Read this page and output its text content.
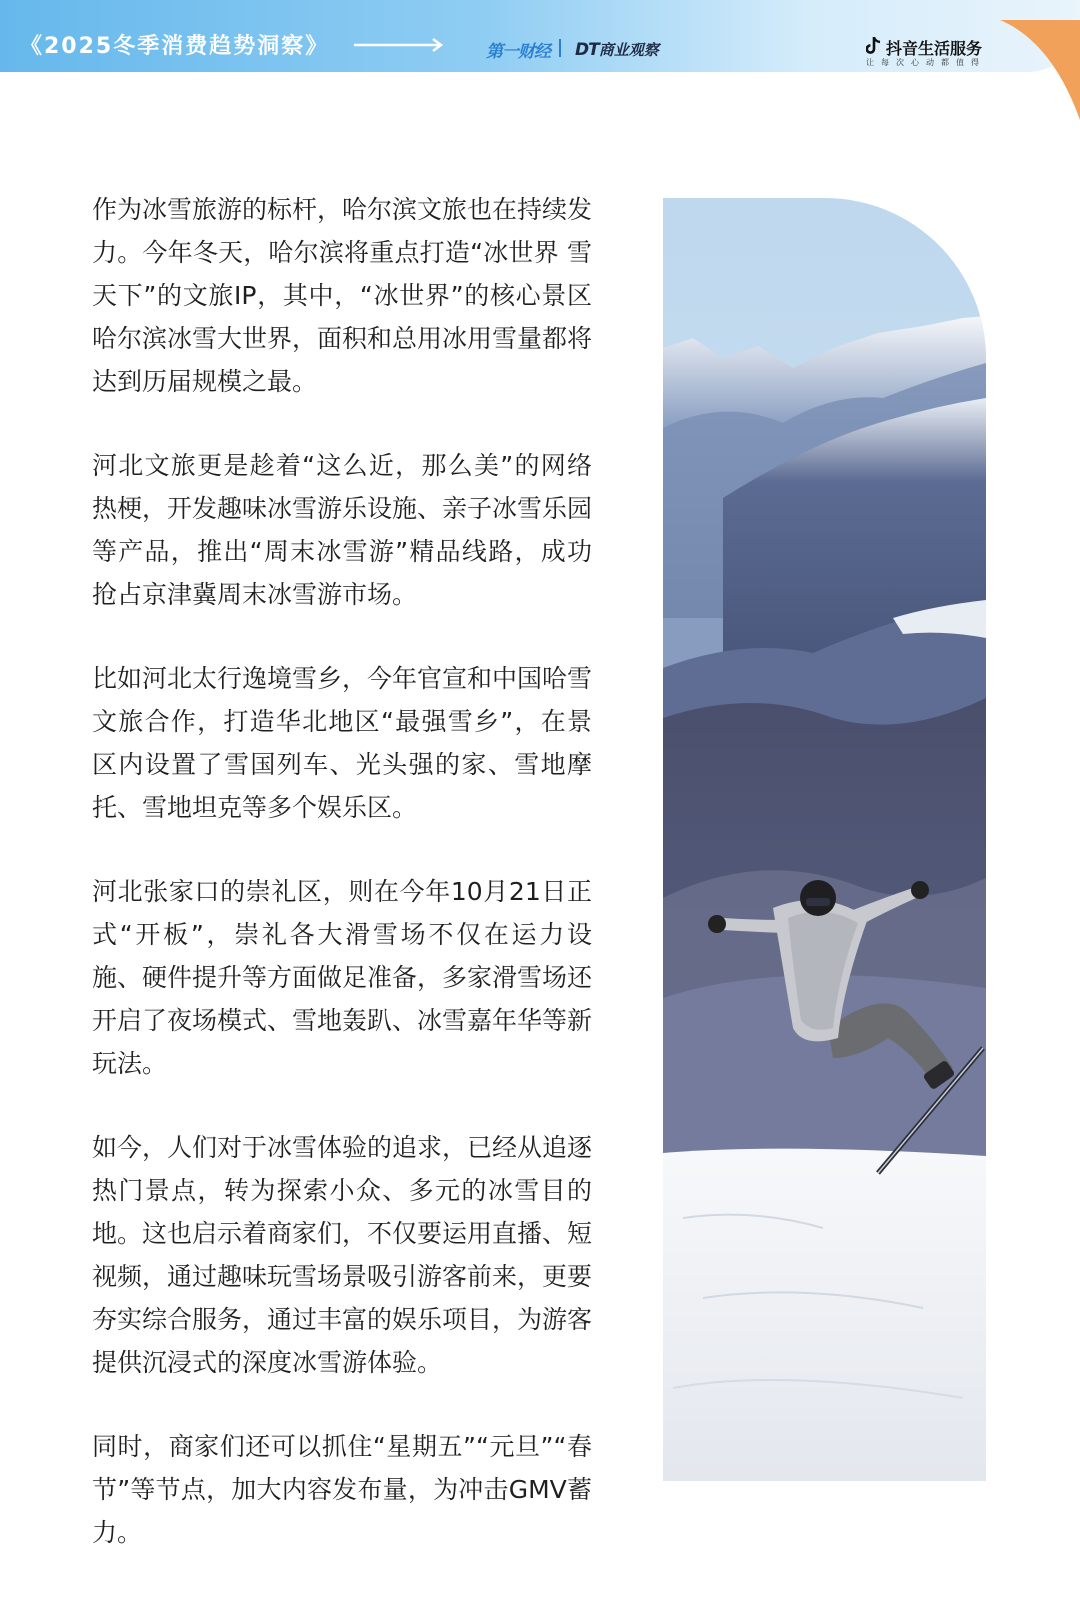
《2025冬季消费趋势洞察》	第一财经 DT商业观察	抖音生活服务
让每次心动都值得

作为冰雪旅游的标杆，哈尔滨文旅也在持续发力。今年冬天，哈尔滨将重点打造“冰世界 雪天下”的文旅IP，其中，“冰世界”的核心景区哈尔滨冰雪大世界，面积和总用冰用雪量都将达到历届规模之最。

河北文旅更是趁着“这么近，那么美”的网络热梗，开发趣味冰雪游乐设施、亲子冰雪乐园等产品，推出“周末冰雪游”精品线路，成功抢占京津冀周末冰雪游市场。

比如河北太行逸境雪乡，今年官宣和中国哈雪文旅合作，打造华北地区“最强雪乡”，在景区内设置了雪国列车、光头强的家、雪地摩托、雪地坦克等多个娱乐区。

河北张家口的崇礼区，则在今年10月21日正式“开板”，崇礼各大滑雪场不仅在运力设施、硬件提升等方面做足准备，多家滑雪场还开启了夜场模式、雪地轰趴、冰雪嘉年华等新玩法。

如今，人们对于冰雪体验的追求，已经从追逐热门景点，转为探索小众、多元的冰雪目的地。这也启示着商家们，不仅要运用直播、短视频，通过趣味玩雪场景吸引游客前来，更要夯实综合服务，通过丰富的娱乐项目，为游客提供沉浸式的深度冰雪游体验。

同时，商家们还可以抓住“星期五”“元旦”“春节”等节点，加大内容发布量，为冲击GMV蓄力。
